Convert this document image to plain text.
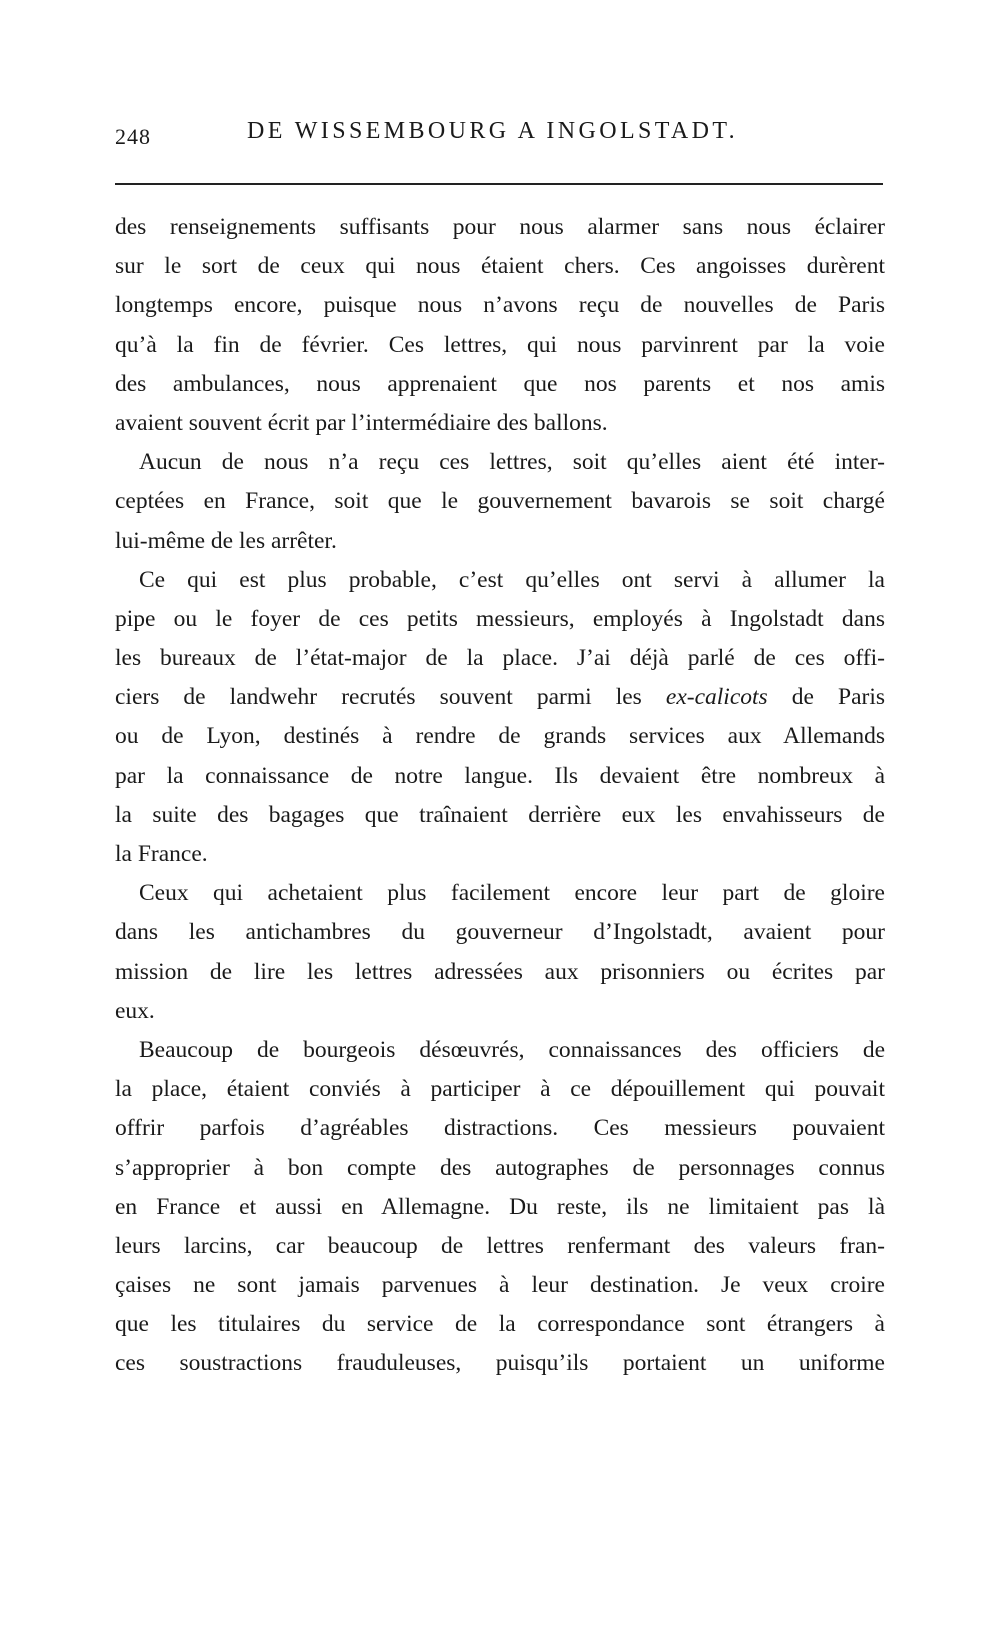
248	DE WISSEMBOURG A INGOLSTADT.
des renseignements suffisants pour nous alarmer sans nous éclairer
sur le sort de ceux qui nous étaient chers. Ces angoisses durèrent
longtemps encore, puisque nous n’avons reçu de nouvelles de Paris
qu’à la fin de février. Ces lettres, qui nous parvinrent par la voie
des ambulances, nous apprenaient que nos parents et nos amis
avaient souvent écrit par l’intermédiaire des ballons.
Aucun de nous n’a reçu ces lettres, soit qu’elles aient été inter-
ceptées en France, soit que le gouvernement bavarois se soit chargé
lui-même de les arrêter.
Ce qui est plus probable, c’est qu’elles ont servi à allumer la
pipe ou le foyer de ces petits messieurs, employés à Ingolstadt dans
les bureaux de l’état-major de la place. J’ai déjà parlé de ces offi-
ciers de landwehr recrutés souvent parmi les ex-calicots de Paris
ou de Lyon, destinés à rendre de grands services aux Allemands
par la connaissance de notre langue. Ils devaient être nombreux à
la suite des bagages que traînaient derrière eux les envahisseurs de
la France.
Ceux qui achetaient plus facilement encore leur part de gloire
dans les antichambres du gouverneur d’Ingolstadt, avaient pour
mission de lire les lettres adressées aux prisonniers ou écrites par
eux.
Beaucoup de bourgeois désœuvrés, connaissances des officiers de
la place, étaient conviés à participer à ce dépouillement qui pouvait
offrir parfois d’agréables distractions. Ces messieurs pouvaient
s’approprier à bon compte des autographes de personnages connus
en France et aussi en Allemagne. Du reste, ils ne limitaient pas là
leurs larcins, car beaucoup de lettres renfermant des valeurs fran-
çaises ne sont jamais parvenues à leur destination. Je veux croire
que les titulaires du service de la correspondance sont étrangers à
ces soustractions frauduleuses, puisqu’ils portaient un uniforme
